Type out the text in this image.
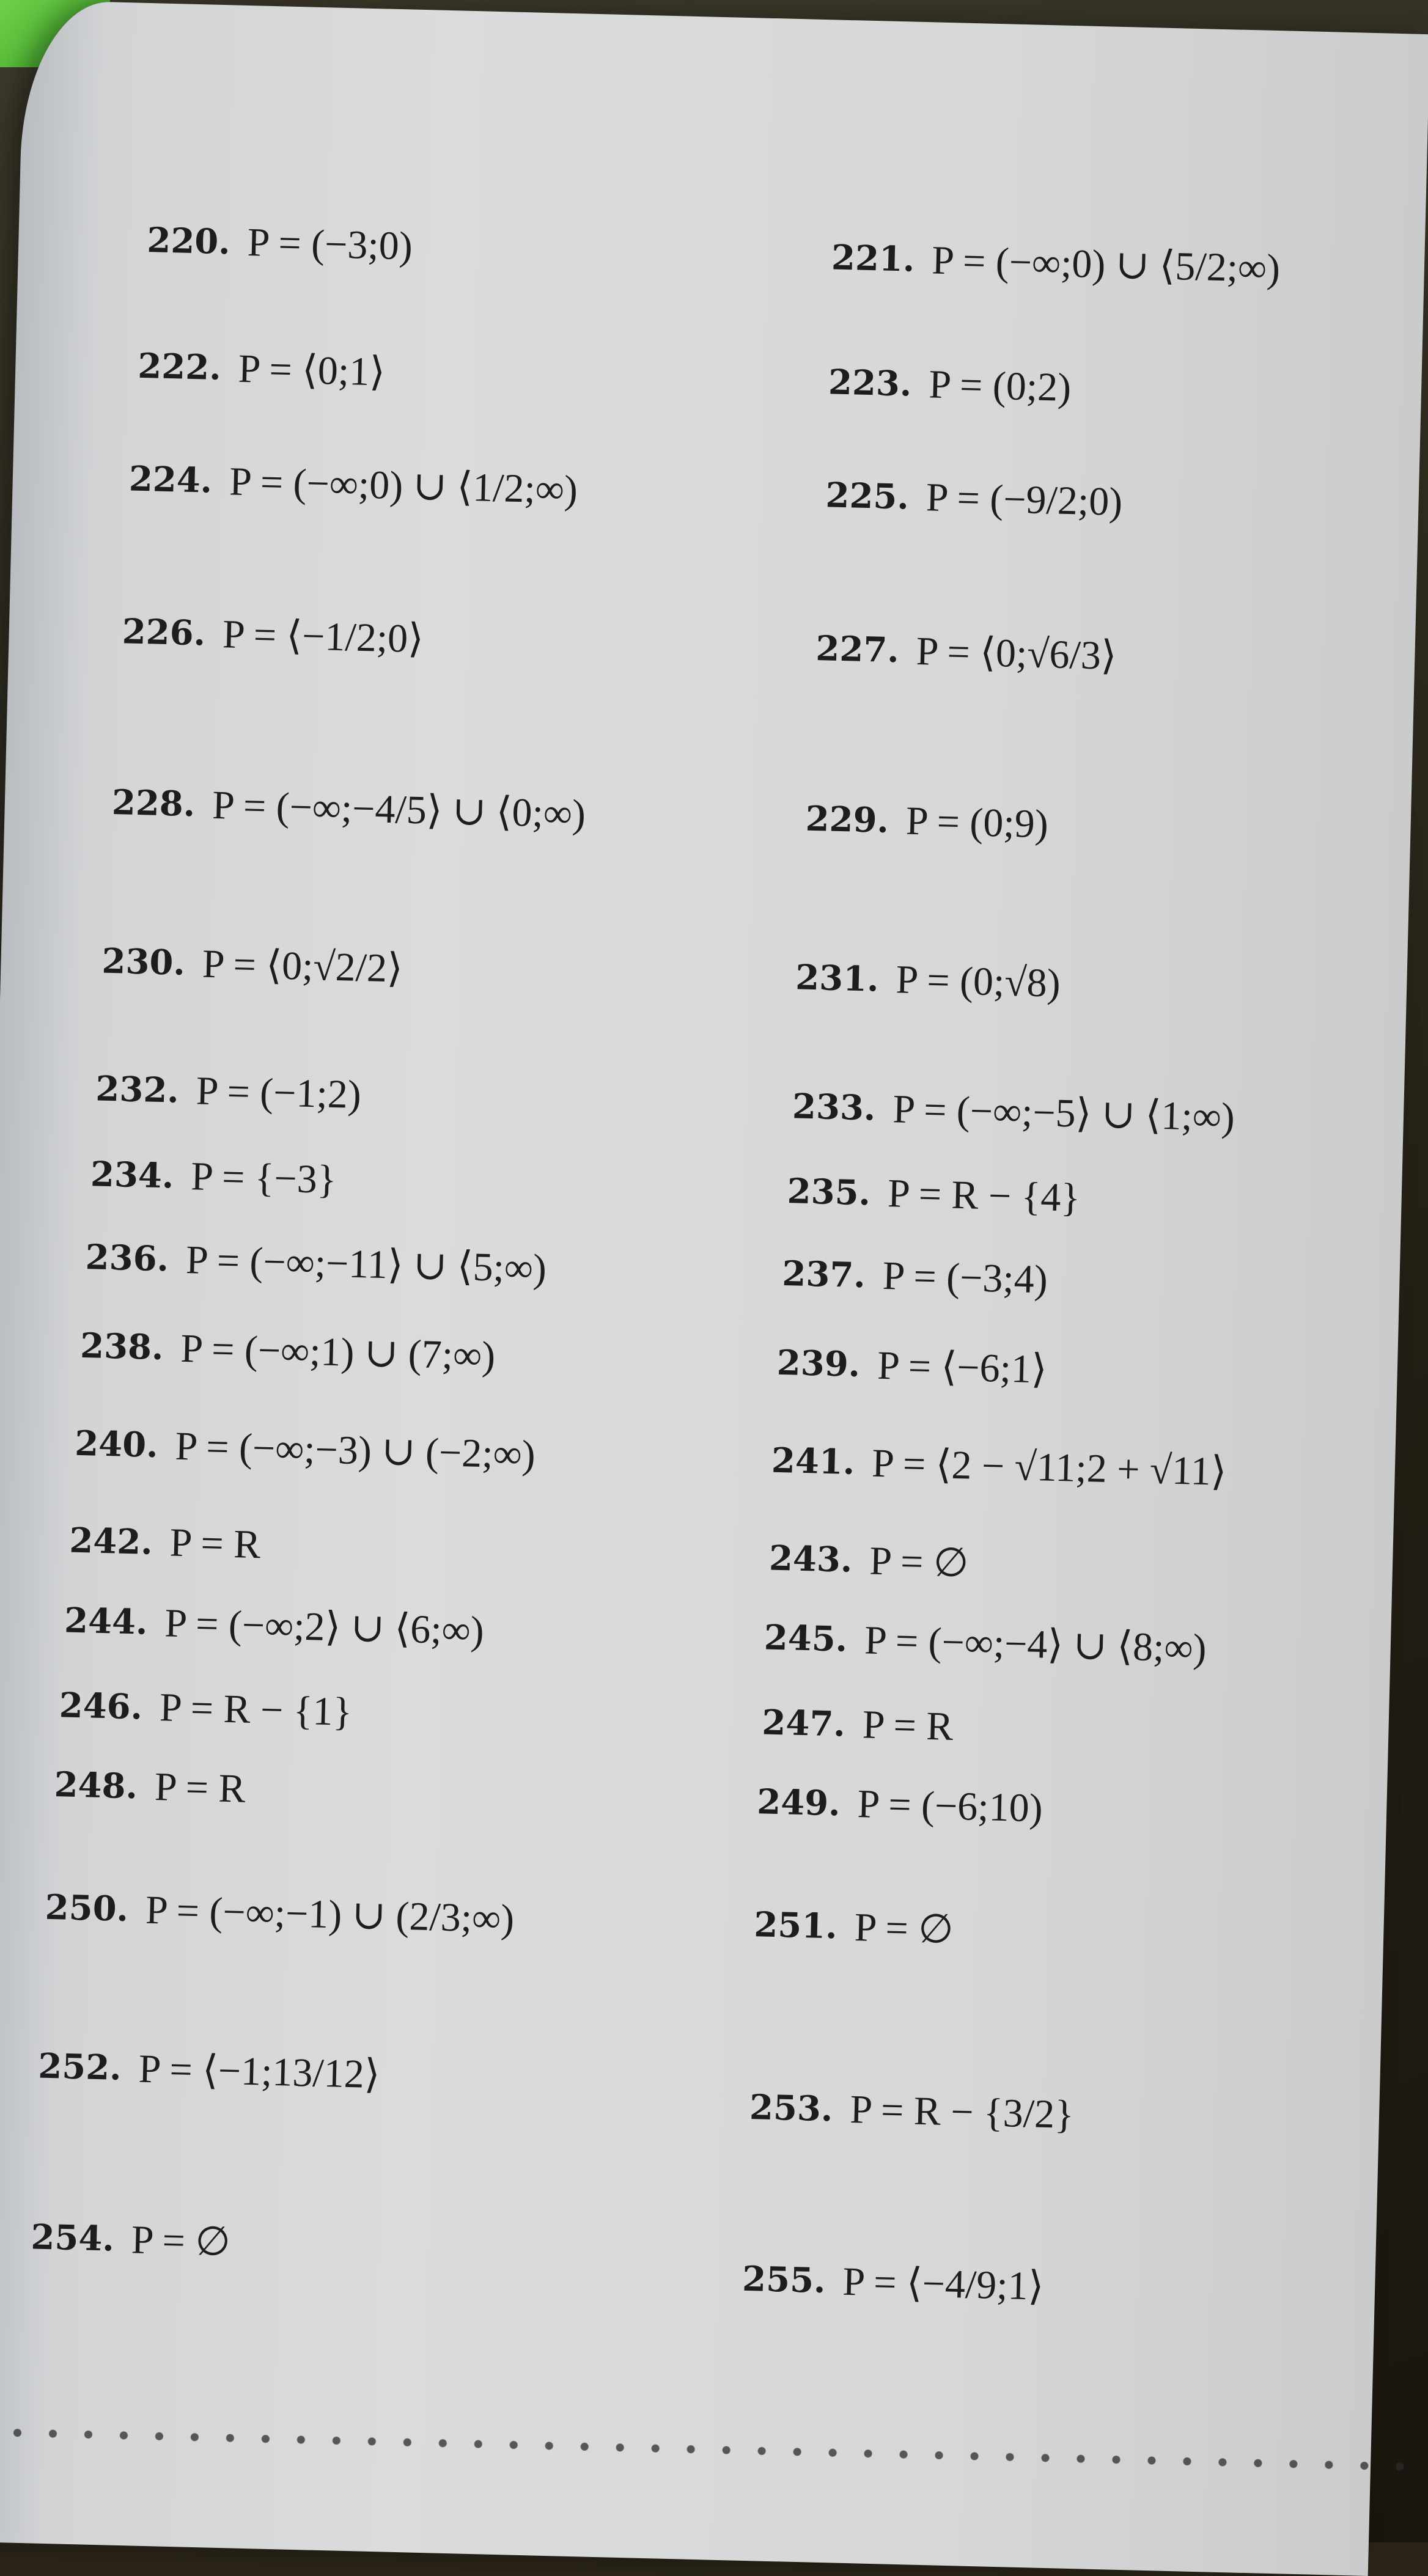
220. P = (−3;0)	221. P = (−∞;0) ∪ ⟨5/2;∞)
222. P = ⟨0;1⟩	223. P = (0;2)
224. P = (−∞;0) ∪ ⟨1/2;∞)	225. P = (−9/2;0)
226. P = ⟨−1/2;0⟩	227. P = ⟨0;√6/3⟩
228. P = (−∞;−4/5⟩ ∪ ⟨0;∞)	229. P = (0;9)
230. P = ⟨0;√2/2⟩	231. P = (0;√8)
232. P = (−1;2)	233. P = (−∞;−5⟩ ∪ ⟨1;∞)
234. P = {−3}	235. P = R − {4}
236. P = (−∞;−11⟩ ∪ ⟨5;∞)	237. P = (−3;4)
238. P = (−∞;1) ∪ (7;∞)	239. P = ⟨−6;1⟩
240. P = (−∞;−3) ∪ (−2;∞)	241. P = ⟨2 − √11;2 + √11⟩
242. P = R	243. P = ∅
244. P = (−∞;2⟩ ∪ ⟨6;∞)	245. P = (−∞;−4⟩ ∪ ⟨8;∞)
246. P = R − {1}	247. P = R
248. P = R	249. P = (−6;10)
250. P = (−∞;−1) ∪ (2/3;∞)	251. P = ∅
252. P = ⟨−1;13/12⟩
253. P = R − {3/2}
254. P = ∅
255. P = ⟨−4/9;1⟩
